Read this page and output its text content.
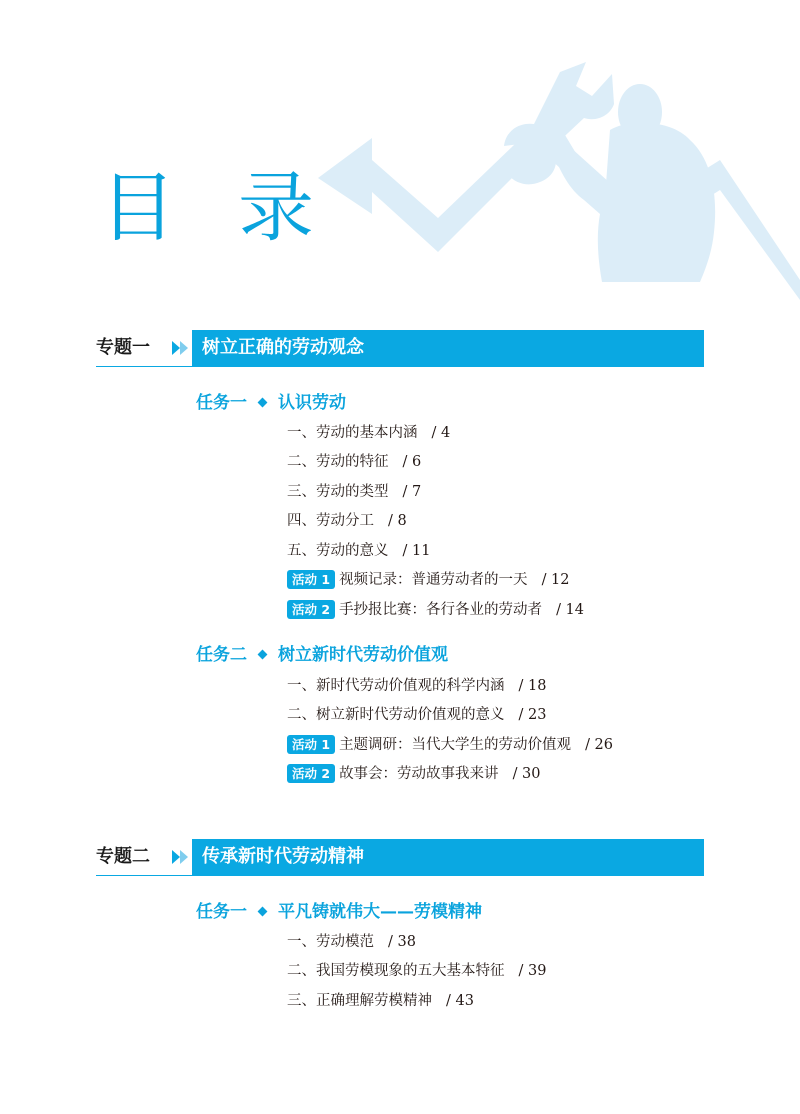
目 录
专题一	树立正确的劳动观念
任务一 认识劳动
一、劳动的基本内涵 / 4
二、劳动的特征 / 6
三、劳动的类型 / 7
四、劳动分工 / 8
五、劳动的意义 / 11
活动 1 视频记录：普通劳动者的一天 / 12
活动 2 手抄报比赛：各行各业的劳动者 / 14
任务二 树立新时代劳动价值观
一、新时代劳动价值观的科学内涵 / 18
二、树立新时代劳动价值观的意义 / 23
活动 1 主题调研：当代大学生的劳动价值观 / 26
活动 2 故事会：劳动故事我来讲 / 30
专题二	传承新时代劳动精神
任务一 平凡铸就伟大——劳模精神
一、劳动模范 / 38
二、我国劳模现象的五大基本特征 / 39
三、正确理解劳模精神 / 43
